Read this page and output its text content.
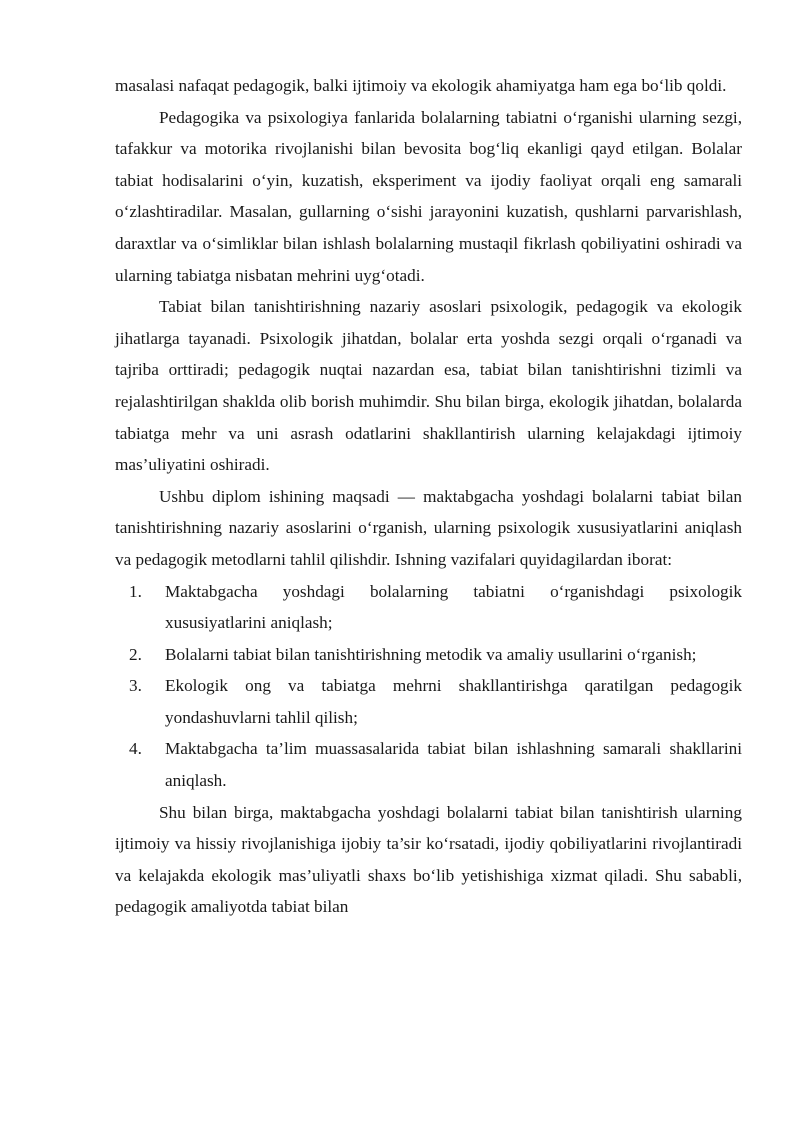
masalasi nafaqat pedagogik, balki ijtimoiy va ekologik ahamiyatga ham ega bo‘lib qoldi.

Pedagogika va psixologiya fanlarida bolalarning tabiatni o‘rganishi ularning sezgi, tafakkur va motorika rivojlanishi bilan bevosita bog‘liq ekanligi qayd etilgan. Bolalar tabiat hodisalarini o‘yin, kuzatish, eksperiment va ijodiy faoliyat orqali eng samarali o‘zlashtiradilar. Masalan, gullarning o‘sishi jarayonini kuzatish, qushlarni parvarishlash, daraxtlar va o‘simliklar bilan ishlash bolalarning mustaqil fikrlash qobiliyatini oshiradi va ularning tabiatga nisbatan mehrini uyg‘otadi.

Tabiat bilan tanishtirishning nazariy asoslari psixologik, pedagogik va ekologik jihatlarga tayanadi. Psixologik jihatdan, bolalar erta yoshda sezgi orqali o‘rganadi va tajriba orttiradi; pedagogik nuqtai nazardan esa, tabiat bilan tanishtirishni tizimli va rejalashtirilgan shaklda olib borish muhimdir. Shu bilan birga, ekologik jihatdan, bolalarda tabiatga mehr va uni asrash odatlarini shakllantirish ularning kelajakdagi ijtimoiy mas’uliyatini oshiradi.

Ushbu diplom ishining maqsadi — maktabgacha yoshdagi bolalarni tabiat bilan tanishtirishning nazariy asoslarini o‘rganish, ularning psixologik xususiyatlarini aniqlash va pedagogik metodlarni tahlil qilishdir. Ishning vazifalari quyidagilardan iborat:

1. Maktabgacha yoshdagi bolalarning tabiatni o‘rganishdagi psixologik xususiyatlarini aniqlash;
2. Bolalarni tabiat bilan tanishtirishning metodik va amaliy usullarini o‘rganish;
3. Ekologik ong va tabiatga mehrni shakllantirishga qaratilgan pedagogik yondashuvlarni tahlil qilish;
4. Maktabgacha ta’lim muassasalarida tabiat bilan ishlashning samarali shakllarini aniqlash.

Shu bilan birga, maktabgacha yoshdagi bolalarni tabiat bilan tanishtirish ularning ijtimoiy va hissiy rivojlanishiga ijobiy ta’sir ko‘rsatadi, ijodiy qobiliyatlarini rivojlantiradi va kelajakda ekologik mas’uliyatli shaxs bo‘lib yetishishiga xizmat qiladi. Shu sababli, pedagogik amaliyotda tabiat bilan
